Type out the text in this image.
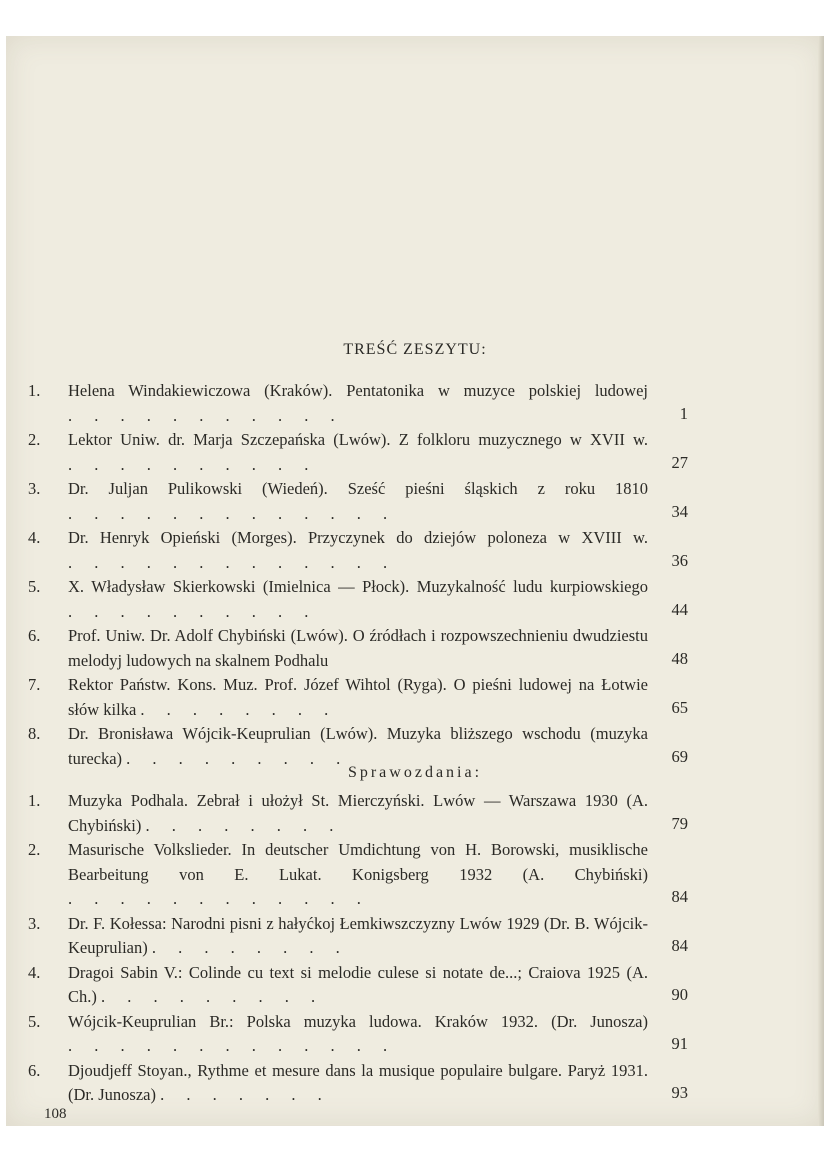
TREŚĆ ZESZYTU:
1.	Helena Windakiewiczowa (Kraków). Pentatonika w muzyce polskiej ludowej . . . . . . . . . . .	1
2.	Lektor Uniw. dr. Marja Szczepańska (Lwów). Z folkloru muzycznego w XVII w. . . . . . . . . . .	27
3.	Dr. Juljan Pulikowski (Wiedeń). Sześć pieśni śląskich z roku 1810 . . . . . . . . . . . . .	34
4.	Dr. Henryk Opieński (Morges). Przyczynek do dziejów poloneza w XVIII w. . . . . . . . . . . . . .	36
5.	X. Władysław Skierkowski (Imielnica — Płock). Muzykalność ludu kurpiowskiego . . . . . . . . . .	44
6.	Prof. Uniw. Dr. Adolf Chybiński (Lwów). O źródłach i rozpowszechnieniu dwudziestu melodyj ludowych na skalnem Podhalu	48
7.	Rektor Państw. Kons. Muz. Prof. Józef Wihtol (Ryga). O pieśni ludowej na Łotwie słów kilka . . . . . . . .	65
8.	Dr. Bronisława Wójcik-Keuprulian (Lwów). Muzyka bliższego wschodu (muzyka turecka) . . . . . . . . .	69
Sprawozdania:
1.	Muzyka Podhala. Zebrał i ułożył St. Mierczyński. Lwów — Warszawa 1930 (A. Chybiński) . . . . . . . .	79
2.	Masurische Volkslieder. In deutscher Umdichtung von H. Borowski, musiklische Bearbeitung von E. Lukat. Konigsberg 1932 (A. Chybiński) . . . . . . . . . . . .	84
3.	Dr. F. Kołessa: Narodni pisni z hałyćkoj Łemkiwszczyzny Lwów 1929 (Dr. B. Wójcik-Keuprulian) . . . . . . . .	84
4.	Dragoi Sabin V.: Colinde cu text si melodie culese si notate de...; Craiova 1925 (A. Ch.) . . . . . . . . .	90
5.	Wójcik-Keuprulian Br.: Polska muzyka ludowa. Kraków 1932. (Dr. Junosza) . . . . . . . . . . . . .	91
6.	Djoudjeff Stoyan., Rythme et mesure dans la musique populaire bulgare. Paryż 1931. (Dr. Junosza) . . . . . . .	93
108
